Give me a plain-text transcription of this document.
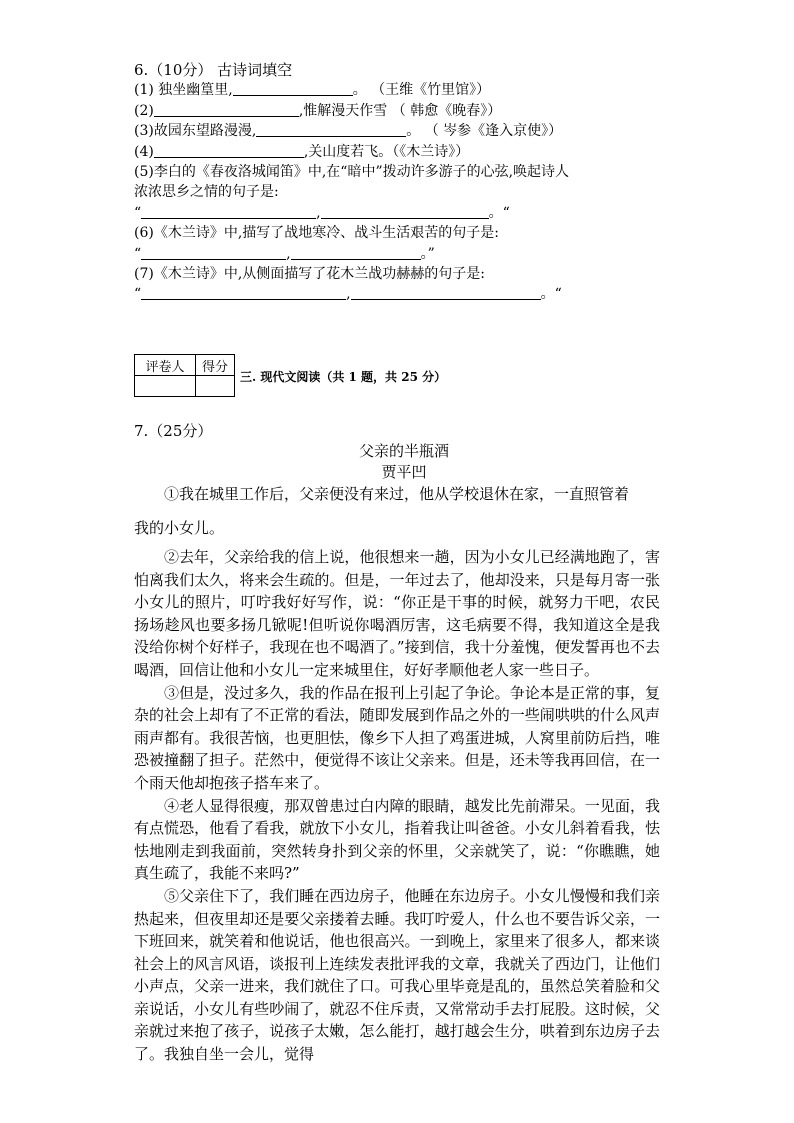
6.（10分） 古诗词填空
(1) 独坐幽篁里,	。 （王维《竹里馆》）
(2)	,惟解漫天作雪 （ 韩愈《晚春》）
(3)故园东望路漫漫,	。 （ 岑参《逢入京使》）
(4)	,关山度若飞。（《木兰诗》）
(5)李白的《春夜洛城闻笛》中,在“暗中”拨动许多游子的心弦,唤起诗人
浓浓思乡之情的句子是:
“	,	。“
(6)《木兰诗》中,描写了战地寒冷、战斗生活艰苦的句子是:
“	,	。”
(7)《木兰诗》中,从侧面描写了花木兰战功赫赫的句子是:
“	,	。“
评卷人	得分

三. 现代文阅读（共 1 题，共 25 分）
7.（25分）
父亲的半瓶酒
贾平凹

①我在城里工作后，父亲便没有来过，他从学校退休在家，一直照管着

我的小女儿。

②去年，父亲给我的信上说，他很想来一趟，因为小女儿已经满地跑了，害怕离我们太久，将来会生疏的。但是，一年过去了，他却没来，只是每月寄一张小女儿的照片，叮咛我好好写作，说：“你正是干事的时候，就努力干吧，农民扬场趁风也要多扬几锨呢!但听说你喝酒厉害，这毛病要不得，我知道这全是我没给你树个好样子，我现在也不喝酒了。”接到信，我十分羞愧，便发誓再也不去喝酒，回信让他和小女儿一定来城里住，好好孝顺他老人家一些日子。

③但是，没过多久，我的作品在报刊上引起了争论。争论本是正常的事，复杂的社会上却有了不正常的看法，随即发展到作品之外的一些闹哄哄的什么风声雨声都有。我很苦恼，也更胆怯，像乡下人担了鸡蛋进城，人窝里前防后挡，唯恐被撞翻了担子。茫然中，便觉得不该让父亲来。但是，还未等我再回信，在一个雨天他却抱孩子搭车来了。

④老人显得很瘦，那双曾患过白内障的眼睛，越发比先前滞呆。一见面，我有点慌恐，他看了看我，就放下小女儿，指着我让叫爸爸。小女儿斜着看我，怯怯地刚走到我面前，突然转身扑到父亲的怀里，父亲就笑了，说：“你瞧瞧，她真生疏了，我能不来吗?”

⑤父亲住下了，我们睡在西边房子，他睡在东边房子。小女儿慢慢和我们亲热起来，但夜里却还是要父亲搂着去睡。我叮咛爱人，什么也不要告诉父亲，一下班回来，就笑着和他说话，他也很高兴。一到晚上，家里来了很多人，都来谈社会上的风言风语，谈报刊上连续发表批评我的文章，我就关了西边门，让他们小声点，父亲一进来，我们就住了口。可我心里毕竟是乱的，虽然总笑着脸和父亲说话，小女儿有些吵闹了，就忍不住斥责，又常常动手去打屁股。这时候，父亲就过来抱了孩子，说孩子太嫩，怎么能打，越打越会生分，哄着到东边房子去了。我独自坐一会儿，觉得
